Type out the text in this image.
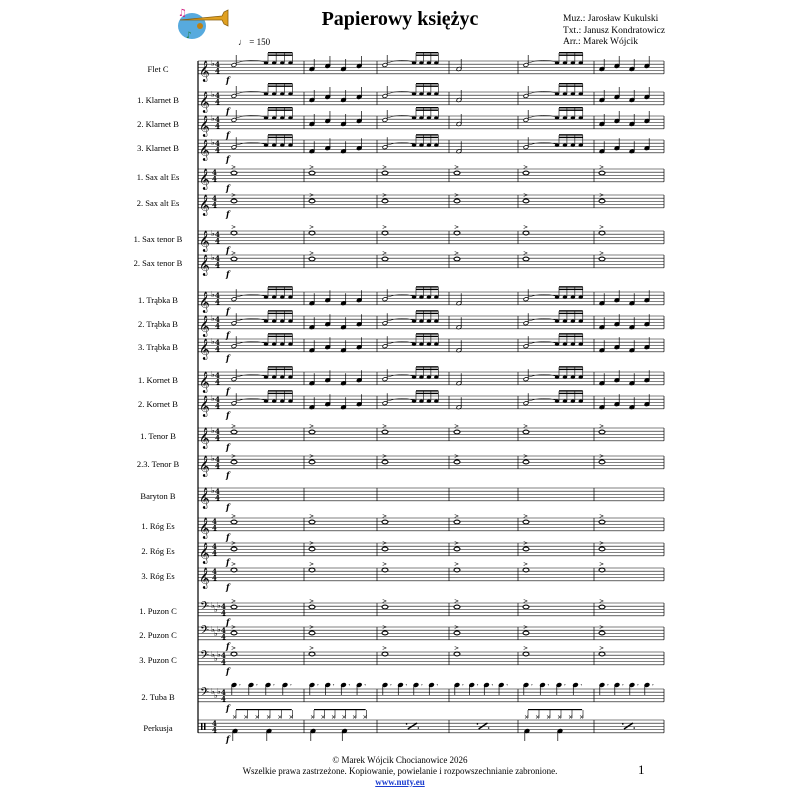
𝄞 ♭ 4
4
f
𝄞 ♭ 4
4
f
𝄞 ♭ 4
4
f
𝄞 ♭ 4
4
f
𝄞 4
4
f
>	>	>	>	>	>
𝄞 4
4
f
>	>	>	>	>	>
𝄞 ♭ 4
4
f
>	>	>	>	>	>
𝄞 ♭ 4
4
f
>	>	>	>	>	>
𝄞 ♭ 4
4
f
𝄞 ♭ 4
4
f
𝄞 ♭ 4
4
f
𝄞 ♭ 4
4
f
𝄞 ♭ 4
4
f
𝄞 ♭ 4
4
f
>	>	>	>	>	>
𝄞 ♭ 4
4
f
>	>	>	>	>	>
𝄞 ♭ 4
4
f
𝄞 4
4
f
>	>	>	>	>	>
𝄞 4
4
f
>	>	>	>	>	>
𝄞 4
4
f
>	>	>	>	>	>
𝄢 ♭ ♭ ♭ 4
4
f
>	>	>	>	>	>
𝄢 ♭ ♭ ♭ 4
4
f
>	>	>	>	>	>
𝄢 ♭ ♭ ♭ 4
4
f
>	>	>	>	>	>
𝄢 ♭ ♭ ♭ 4
4
f
𝄾	𝄾	𝄾	𝄾	𝄾 𝄾 𝄾 𝄾	𝄾 𝄾 𝄾 𝄾	𝄾 𝄾 𝄾 𝄾	𝄾 𝄾 𝄾 𝄾	𝄾 𝄾 𝄾 𝄾
4
4
f
× × × × × ×	× × × × × ×	× × × × × ×
♫
♪
Papierowy księżyc	Muz.: Jarosław Kukulski
Txt.: Janusz Kondratowicz
Arr.: Marek Wójcik
♩ = 150
Flet C
1. Klarnet B
2. Klarnet B
3. Klarnet B
1. Sax alt Es
2. Sax alt Es
1. Sax tenor B
2. Sax tenor B
1. Trąbka B
2. Trąbka B
3. Trąbka B
1. Kornet B
2. Kornet B
1. Tenor B
2.3. Tenor B
Baryton B
1. Róg Es
2. Róg Es
3. Róg Es
1. Puzon C
2. Puzon C
3. Puzon C
2. Tuba B
Perkusja
© Marek Wójcik Chocianowice 2026
Wszelkie prawa zastrzeżone. Kopiowanie, powielanie i rozpowszechnianie zabronione.
www.nuty.eu
1
